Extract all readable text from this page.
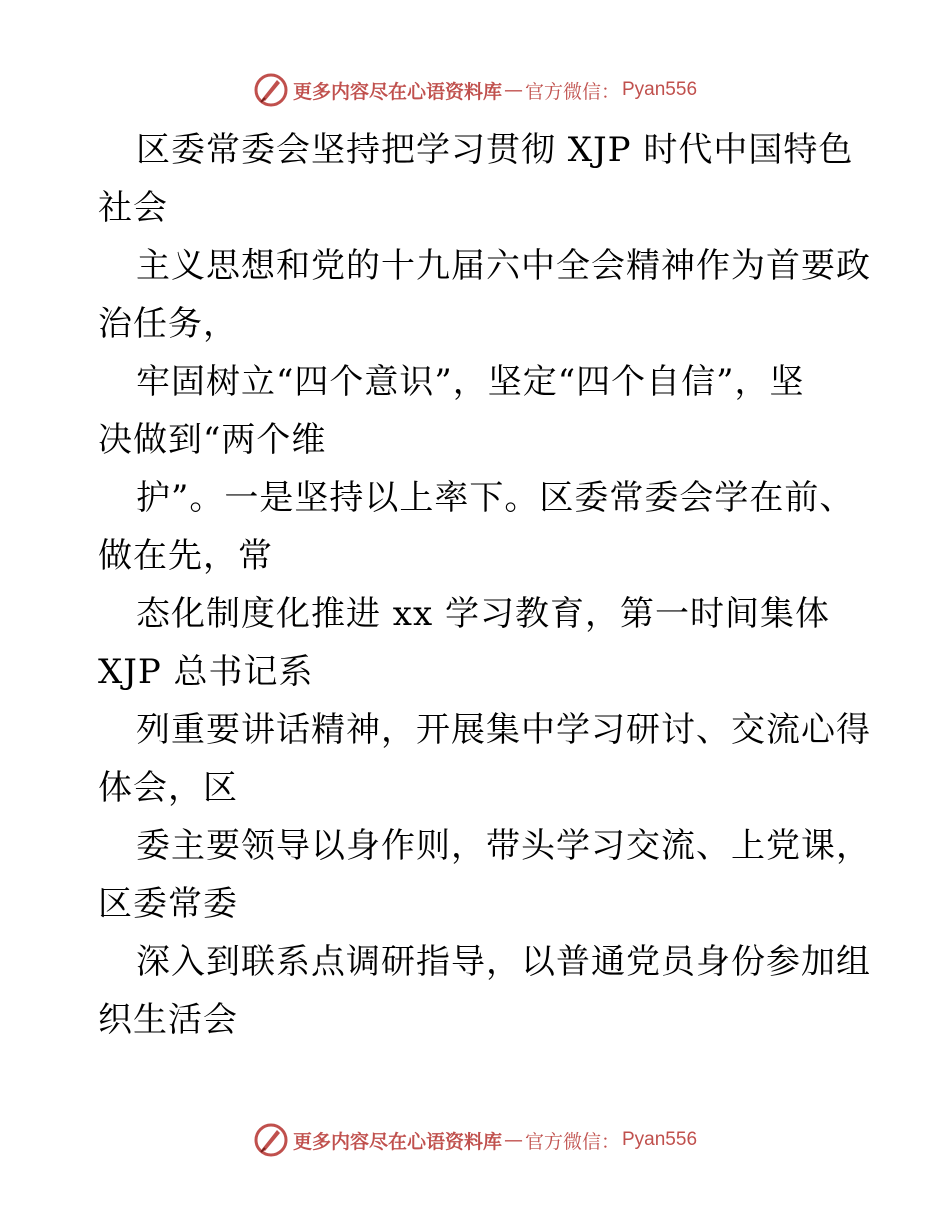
更多内容尽在心语资料库 — 官方微信： Pyan556
区委常委会坚持把学习贯彻 XJP 时代中国特色
社会
主义思想和党的十九届六中全会精神作为首要政
治任务，
牢固树立“四个意识”，坚定“四个自信”，坚
决做到“两个维
护”。一是坚持以上率下。区委常委会学在前、
做在先，常
态化制度化推进 xx 学习教育，第一时间集体
XJP 总书记系
列重要讲话精神，开展集中学习研讨、交流心得
体会，区
委主要领导以身作则，带头学习交流、上党课，
区委常委
深入到联系点调研指导，以普通党员身份参加组
织生活会
更多内容尽在心语资料库 — 官方微信： Pyan556
